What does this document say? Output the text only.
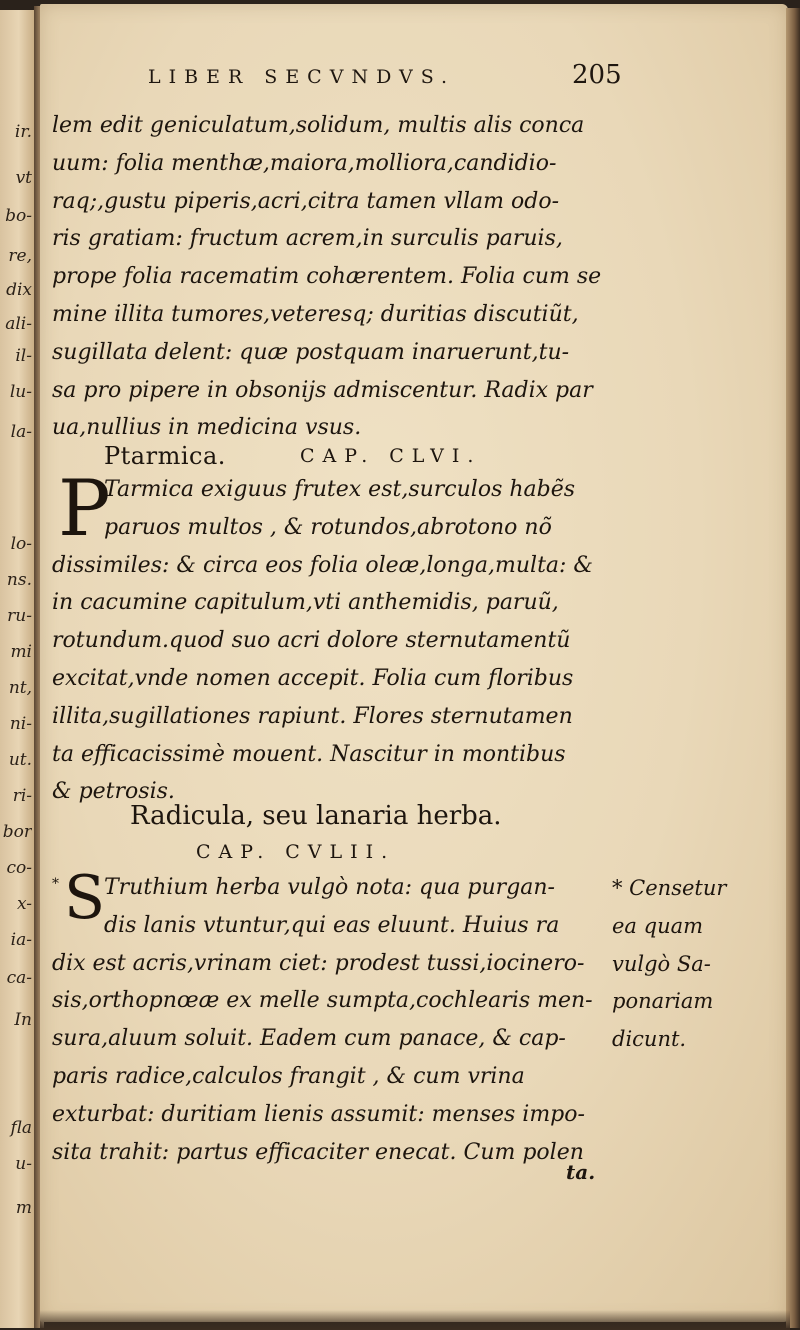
ir.
vt
bo-
re,
dix
ali-
il-
lu-
la-
lo-
ns.
ru-
mi
nt,
ni-
ut.
ri-
bor
co-
x-
ia-
ca-
In
fla
u-
m
LIBER SECVNDVS.	205
lem edit geniculatum,solidum, multis alis conca
uum: folia menthæ,maiora,molliora,candidio-
raq;,gustu piperis,acri,citra tamen vllam odo-
ris gratiam: fructum acrem,in surculis paruis,
prope folia racematim cohærentem. Folia cum se
mine illita tumores,veteresq; duritias discutiũt,
sugillata delent: quæ postquam inaruerunt,tu-
sa pro pipere in obsonijs admiscentur. Radix par
ua,nullius in medicina vsus.
Ptarmica.	CAP. CLVI.
Tarmica exiguus frutex est,surculos habẽs
paruos multos , & rotundos,abrotono nõ
dissimiles: & circa eos folia oleæ,longa,multa: &
in cacumine capitulum,vti anthemidis, paruũ,
rotundum.quod suo acri dolore sternutamentũ
excitat,vnde nomen accepit. Folia cum floribus
illita,sugillationes rapiunt. Flores sternutamen
ta efficacissimè mouent. Nascitur in montibus
& petrosis.
Radicula, seu lanaria herba.
CAP. CVLII.
Truthium herba vulgò nota: qua purgan-
dis lanis vtuntur,qui eas eluunt. Huius ra
dix est acris,vrinam ciet: prodest tussi,iocinero-
sis,orthopnœæ ex melle sumpta,cochlearis men-
sura,aluum soluit. Eadem cum panace, & cap-
paris radice,calculos frangit , & cum vrina
exturbat: duritiam lienis assumit: menses impo-
sita trahit: partus efficaciter enecat. Cum polen
P
* S	* Censetur
ea quam
vulgò Sa-
ponariam
dicunt.
ta.
